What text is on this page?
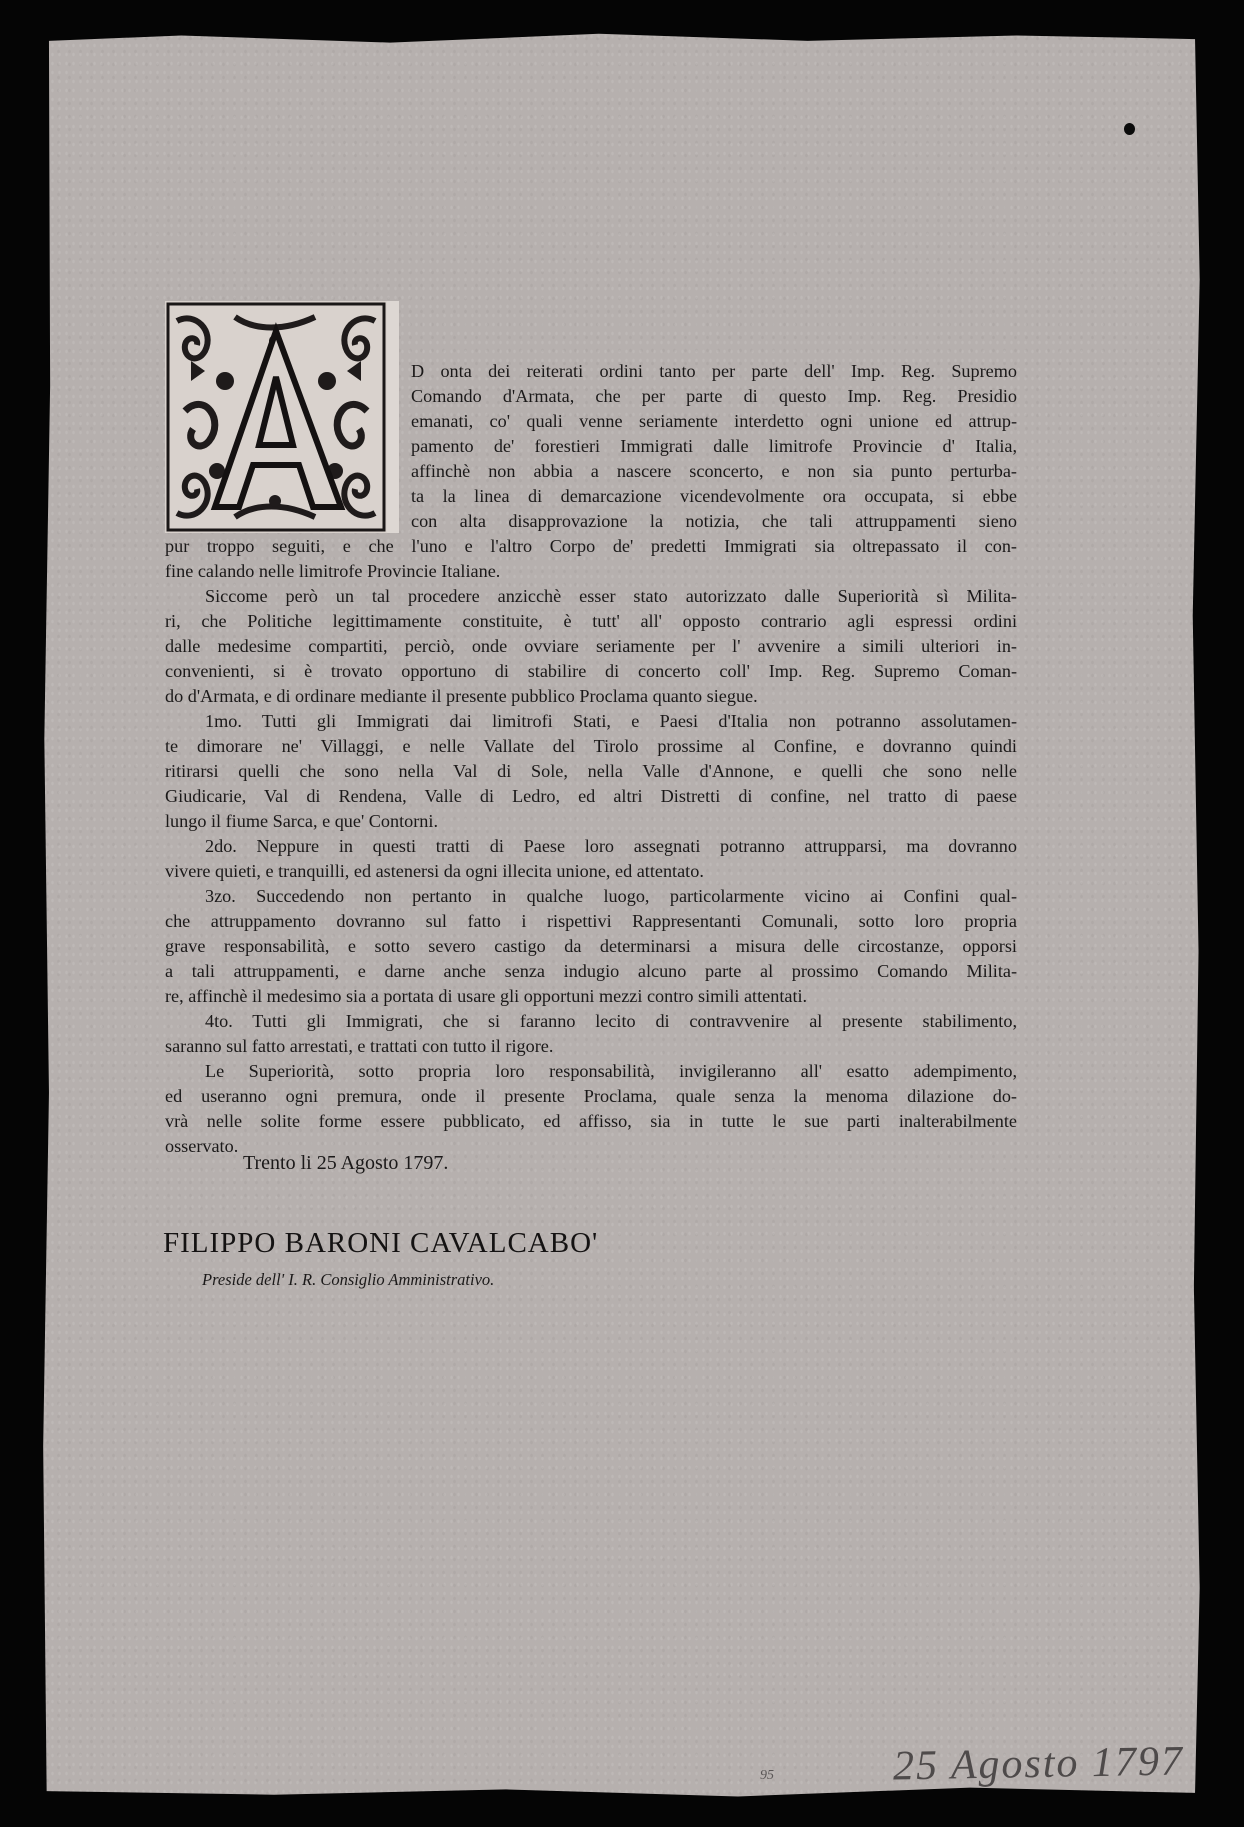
D onta dei reiterati ordini tanto per parte dell' Imp. Reg. Supremo
Comando d'Armata, che per parte di questo Imp. Reg. Presidio
emanati, co' quali venne seriamente interdetto ogni unione ed attrup-
pamento de' forestieri Immigrati dalle limitrofe Provincie d' Italia,
affinchè non abbia a nascere sconcerto, e non sia punto perturba-
ta la linea di demarcazione vicendevolmente ora occupata, si ebbe
con alta disapprovazione la notizia, che tali attruppamenti sieno
pur troppo seguiti, e che l'uno e l'altro Corpo de' predetti Immigrati sia oltrepassato il con-
fine calando nelle limitrofe Provincie Italiane.
Siccome però un tal procedere anzicchè esser stato autorizzato dalle Superiorità sì Milita-
ri, che Politiche legittimamente constituite, è tutt' all' opposto contrario agli espressi ordini
dalle medesime compartiti, perciò, onde ovviare seriamente per l' avvenire a simili ulteriori in-
convenienti, si è trovato opportuno di stabilire di concerto coll' Imp. Reg. Supremo Coman-
do d'Armata, e di ordinare mediante il presente pubblico Proclama quanto siegue.
1mo. Tutti gli Immigrati dai limitrofi Stati, e Paesi d'Italia non potranno assolutamen-
te dimorare ne' Villaggi, e nelle Vallate del Tirolo prossime al Confine, e dovranno quindi
ritirarsi quelli che sono nella Val di Sole, nella Valle d'Annone, e quelli che sono nelle
Giudicarie, Val di Rendena, Valle di Ledro, ed altri Distretti di confine, nel tratto di paese
lungo il fiume Sarca, e que' Contorni.
2do. Neppure in questi tratti di Paese loro assegnati potranno attrupparsi, ma dovranno
vivere quieti, e tranquilli, ed astenersi da ogni illecita unione, ed attentato.
3zo. Succedendo non pertanto in qualche luogo, particolarmente vicino ai Confini qual-
che attruppamento dovranno sul fatto i rispettivi Rappresentanti Comunali, sotto loro propria
grave responsabilità, e sotto severo castigo da determinarsi a misura delle circostanze, opporsi
a tali attruppamenti, e darne anche senza indugio alcuno parte al prossimo Comando Milita-
re, affinchè il medesimo sia a portata di usare gli opportuni mezzi contro simili attentati.
4to. Tutti gli Immigrati, che si faranno lecito di contravvenire al presente stabilimento,
saranno sul fatto arrestati, e trattati con tutto il rigore.
Le Superiorità, sotto propria loro responsabilità, invigileranno all' esatto adempimento,
ed useranno ogni premura, onde il presente Proclama, quale senza la menoma dilazione do-
vrà nelle solite forme essere pubblicato, ed affisso, sia in tutte le sue parti inalterabilmente
osservato.
Trento li 25 Agosto 1797.
FILIPPO BARONI CAVALCABO'
Preside dell' I. R. Consiglio Amministrativo.
95	25 Agosto 1797
